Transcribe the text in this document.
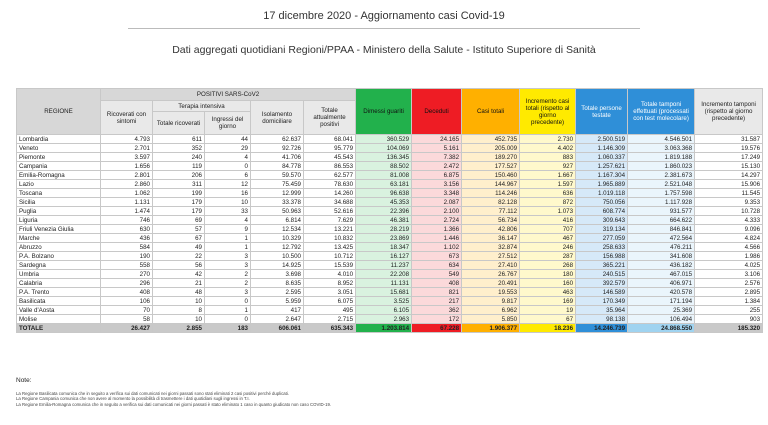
17 dicembre 2020 - Aggiornamento casi Covid-19
Dati aggregati quotidiani Regioni/PPAA - Ministero della Salute - Istituto Superiore di Sanità
REGIONE	POSITIVI SARS-CoV2					Dimessi guariti	Deceduti	Casi totali	Incremento casi totali (rispetto al giorno precedente)	Totale persone testate	Totale tamponi effettuati (processati con test molecolare)	Incremento tamponi (rispetto al giorno precedente)
	Ricoverati con sintomi	Terapia intensiva		Isolamento domiciliare	Totale attualmente positivi							
		Totale ricoverati	Ingressi del giorno									
Lombardia	4.793	611	44	62.637	68.041	360.529	24.165	452.735	2.730	2.500.519	4.546.501	31.587
Veneto	2.701	352	29	92.726	95.779	104.069	5.161	205.009	4.402	1.146.309	3.063.368	19.576
Piemonte	3.597	240	4	41.706	45.543	136.345	7.382	189.270	883	1.060.337	1.819.188	17.249
Campania	1.656	119	0	84.778	86.553	88.502	2.472	177.527	927	1.257.621	1.860.023	15.130
Emilia-Romagna	2.801	206	6	59.570	62.577	81.008	6.875	150.460	1.667	1.167.304	2.381.673	14.297
Lazio	2.860	311	12	75.459	78.630	63.181	3.156	144.967	1.597	1.965.889	2.521.048	15.906
Toscana	1.062	199	16	12.999	14.260	96.638	3.348	114.246	636	1.019.118	1.757.598	11.545
Sicilia	1.131	179	10	33.378	34.688	45.353	2.087	82.128	872	750.056	1.117.928	9.353
Puglia	1.474	179	33	50.963	52.616	22.396	2.100	77.112	1.073	608.774	931.577	10.728
Liguria	746	69	4	6.814	7.629	46.381	2.724	56.734	416	309.643	664.622	4.333
Friuli Venezia Giulia	630	57	9	12.534	13.221	28.219	1.366	42.806	707	319.134	846.841	9.096
Marche	436	67	1	10.329	10.832	23.869	1.446	36.147	467	277.059	472.564	4.824
Abruzzo	584	49	1	12.792	13.425	18.347	1.102	32.874	246	258.633	476.211	4.566
P.A. Bolzano	190	22	3	10.500	10.712	16.127	673	27.512	287	156.988	341.608	1.986
Sardegna	558	56	3	14.925	15.539	11.237	634	27.410	268	365.221	436.182	4.025
Umbria	270	42	2	3.698	4.010	22.208	549	26.767	180	240.515	467.015	3.106
Calabria	296	21	2	8.635	8.952	11.131	408	20.491	160	392.579	406.971	2.576
P.A. Trento	408	48	3	2.595	3.051	15.681	821	19.553	463	146.589	420.578	2.895
Basilicata	106	10	0	5.959	6.075	3.525	217	9.817	169	170.349	171.194	1.384
Valle d'Aosta	70	8	1	417	495	6.105	362	6.962	19	35.964	25.369	255
Molise	58	10	0	2.647	2.715	2.963	172	5.850	67	98.138	106.494	903
TOTALE	26.427	2.855	183	606.061	635.343	1.203.814	67.228	1.906.377	18.236	14.246.739	24.868.550	185.320
Note:
La Regione Basilicata comunica che in seguito a verifica sui dati comunicati nei giorni passati sono stati eliminati 2 casi positivi perché duplicati.
La Regione Campania comunica che non avere al momento la possibilità di trasmettere i dati quotidiani sugli ingressi in T.I.
La Regione Emilia-Romagna comunica che in seguito a verifica sui dati comunicati nei giorni passati è stato eliminato 1 caso in quanto giudicato non caso COVID-19.
